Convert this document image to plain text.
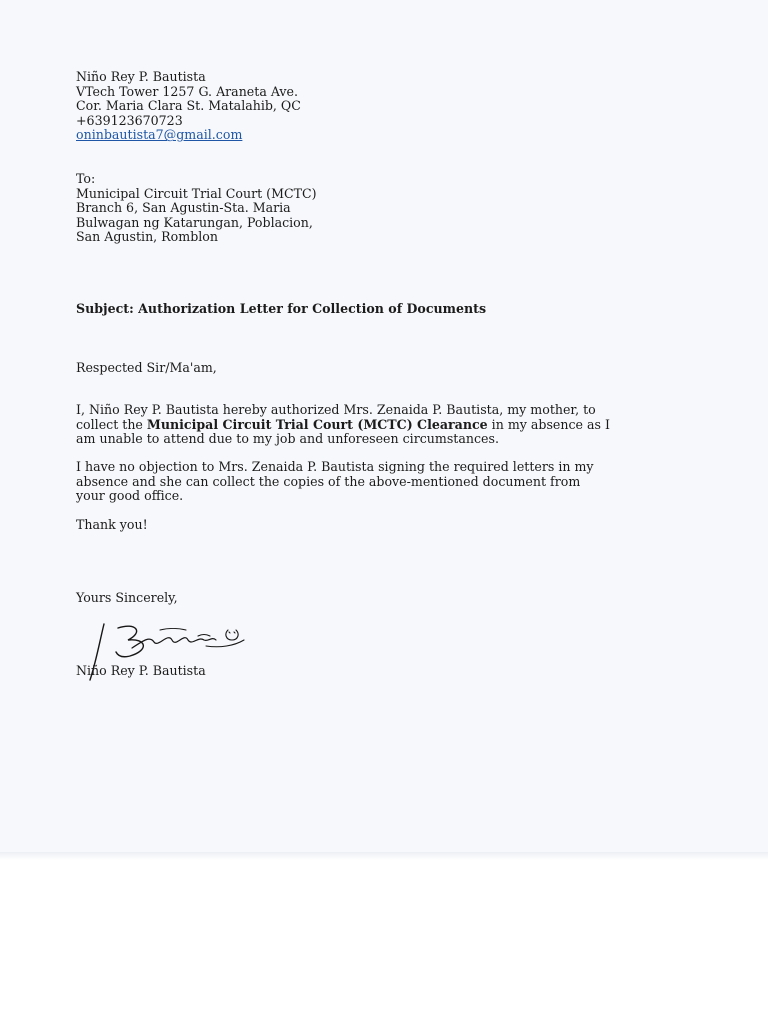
Niño Rey P. Bautista
VTech Tower 1257 G. Araneta Ave.
Cor. Maria Clara St. Matalahib, QC
+639123670723
oninbautista7@gmail.com
To:
Municipal Circuit Trial Court (MCTC)
Branch 6, San Agustin-Sta. Maria
Bulwagan ng Katarungan, Poblacion,
San Agustin, Romblon
Subject: Authorization Letter for Collection of Documents
Respected Sir/Ma'am,
I, Niño Rey P. Bautista hereby authorized Mrs. Zenaida P. Bautista, my mother, to
collect the Municipal Circuit Trial Court (MCTC) Clearance in my absence as I
am unable to attend due to my job and unforeseen circumstances.
I have no objection to Mrs. Zenaida P. Bautista signing the required letters in my
absence and she can collect the copies of the above-mentioned document from
your good office.
Thank you!
Yours Sincerely,
Niño Rey P. Bautista
